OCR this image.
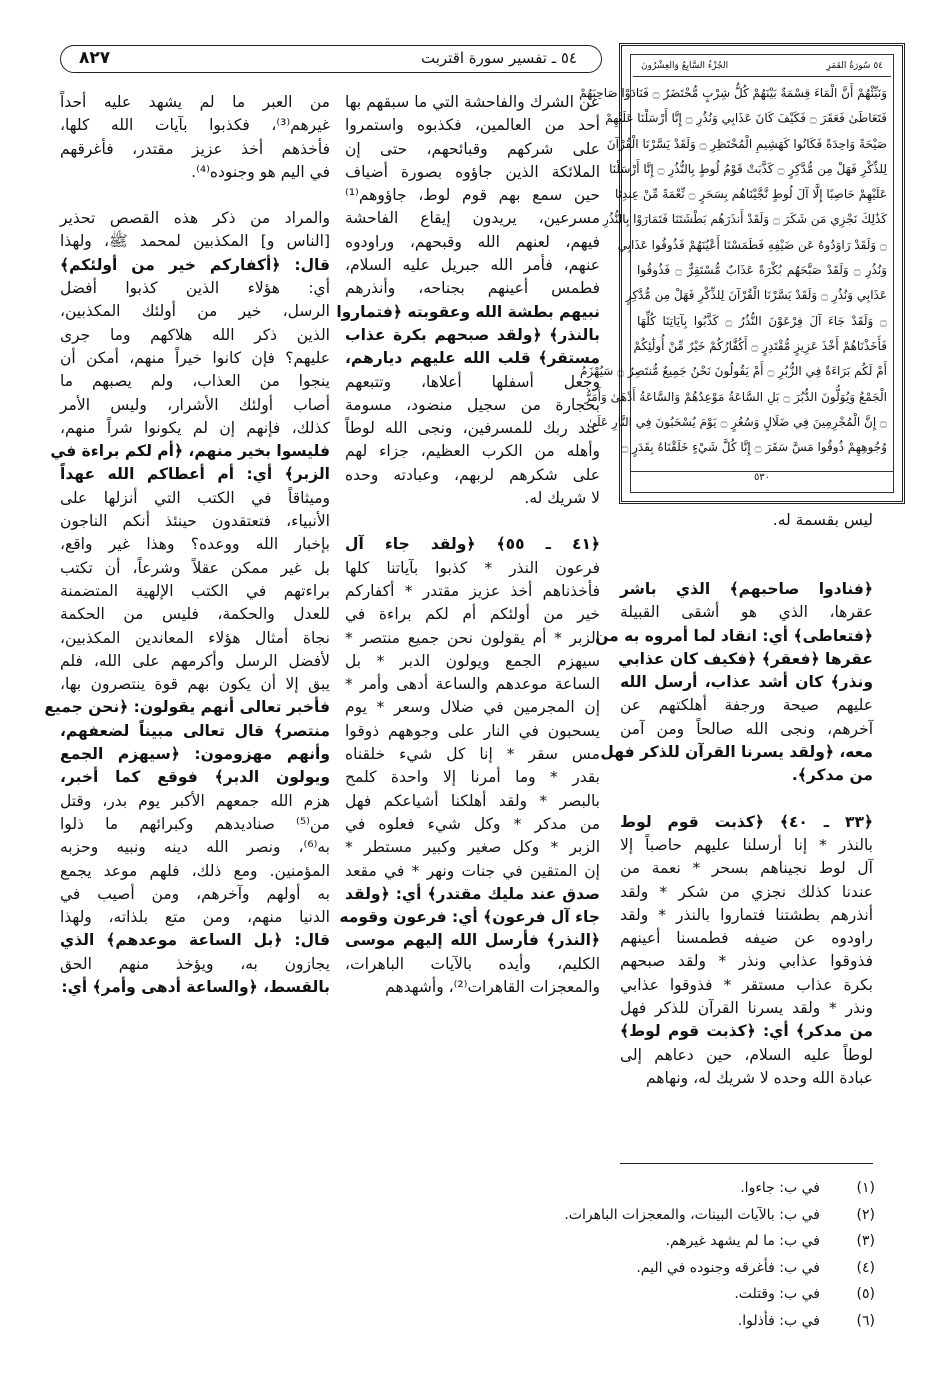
٨٢٧	٥٤ ـ تفسير سورة اقتربت	٥٤ سُورَةُ القَمَرِ
الجُزْءُ السَّابِعُ وَالعِشْرُونَ
وَنَبِّئْهُمْ أَنَّ الْمَاءَ قِسْمَةٌ بَيْنَهُمْ كُلُّ شِرْبٍ مُّحْتَضَرٌ ۝ فَنَادَوْا صَاحِبَهُمْ
فَتَعَاطَىٰ فَعَقَرَ ۝ فَكَيْفَ كَانَ عَذَابِي وَنُذُرِ ۝ إِنَّا أَرْسَلْنَا عَلَيْهِمْ
صَيْحَةً وَاحِدَةً فَكَانُوا كَهَشِيمِ الْمُحْتَظِرِ ۝ وَلَقَدْ يَسَّرْنَا الْقُرْآنَ
لِلذِّكْرِ فَهَلْ مِن مُّدَّكِرٍ ۝ كَذَّبَتْ قَوْمُ لُوطٍ بِالنُّذُرِ ۝ إِنَّا أَرْسَلْنَا
عَلَيْهِمْ حَاصِبًا إِلَّا آلَ لُوطٍ نَّجَّيْنَاهُم بِسَحَرٍ ۝ نِّعْمَةً مِّنْ عِندِنَا
كَذَٰلِكَ نَجْزِي مَن شَكَرَ ۝ وَلَقَدْ أَنذَرَهُم بَطْشَتَنَا فَتَمَارَوْا بِالنُّذُرِ
۝ وَلَقَدْ رَاوَدُوهُ عَن ضَيْفِهِ فَطَمَسْنَا أَعْيُنَهُمْ فَذُوقُوا عَذَابِي
وَنُذُرِ ۝ وَلَقَدْ صَبَّحَهُم بُكْرَةً عَذَابٌ مُّسْتَقِرٌّ ۝ فَذُوقُوا
عَذَابِي وَنُذُرِ ۝ وَلَقَدْ يَسَّرْنَا الْقُرْآنَ لِلذِّكْرِ فَهَلْ مِن مُّدَّكِرٍ
۝ وَلَقَدْ جَاءَ آلَ فِرْعَوْنَ النُّذُرُ ۝ كَذَّبُوا بِآيَاتِنَا كُلِّهَا
فَأَخَذْنَاهُمْ أَخْذَ عَزِيزٍ مُّقْتَدِرٍ ۝ أَكُفَّارُكُمْ خَيْرٌ مِّنْ أُولَٰئِكُمْ
أَمْ لَكُم بَرَاءَةٌ فِي الزُّبُرِ ۝ أَمْ يَقُولُونَ نَحْنُ جَمِيعٌ مُّنتَصِرٌ ۝ سَيُهْزَمُ
الْجَمْعُ وَيُوَلُّونَ الدُّبُرَ ۝ بَلِ السَّاعَةُ مَوْعِدُهُمْ وَالسَّاعَةُ أَدْهَىٰ وَأَمَرُّ
۝ إِنَّ الْمُجْرِمِينَ فِي ضَلَالٍ وَسُعُرٍ ۝ يَوْمَ يُسْحَبُونَ فِي النَّارِ عَلَىٰ
وُجُوهِهِمْ ذُوقُوا مَسَّ سَقَرَ ۝ إِنَّا كُلَّ شَيْءٍ خَلَقْنَاهُ بِقَدَرٍ ۝
٥٣٠
ليس بقسمة له.
﴿فنادوا صاحبهم﴾ الذي باشر
عقرها، الذي هو أشقى القبيلة
﴿فتعاطى﴾ أي: انقاد لما أمروه به من
عقرها ﴿فعقر﴾ ﴿فكيف كان عذابي
ونذر﴾ كان أشد عذاب، أرسل الله
عليهم صيحة ورجفة أهلكتهم عن
آخرهم، ونجى الله صالحاً ومن آمن
معه، ﴿ولقد يسرنا القرآن للذكر فهل
من مدكر﴾.
﴿٣٣ ـ ٤٠﴾ ﴿كذبت قوم لوط
بالنذر * إنا أرسلنا عليهم حاصباً إلا
آل لوط نجيناهم بسحر * نعمة من
عندنا كذلك نجزي من شكر * ولقد
أنذرهم بطشتنا فتماروا بالنذر * ولقد
راودوه عن ضيفه فطمسنا أعينهم
فذوقوا عذابي ونذر * ولقد صبحهم
بكرة عذاب مستقر * فذوقوا عذابي
ونذر * ولقد يسرنا القرآن للذكر فهل
من مدكر﴾ أي: ﴿كذبت قوم لوط﴾
لوطاً عليه السلام، حين دعاهم إلى
عبادة الله وحده لا شريك له، ونهاهم
عن الشرك والفاحشة التي ما سبقهم بها
أحد من العالمين، فكذبوه واستمروا
على شركهم وقبائحهم، حتى إن
الملائكة الذين جاؤوه بصورة أضياف
حين سمع بهم قوم لوط، جاؤوهم⁽¹⁾
مسرعين، يريدون إيقاع الفاحشة
فيهم، لعنهم الله وقبحهم، وراودوه
عنهم، فأمر الله جبريل عليه السلام،
فطمس أعينهم بجناحه، وأنذرهم
نبيهم بطشة الله وعقوبته ﴿فتماروا
بالنذر﴾ ﴿ولقد صبحهم بكرة عذاب
مستقر﴾ قلب الله عليهم ديارهم،
وجعل أسفلها أعلاها، وتتبعهم
بحجارة من سجيل منضود، مسومة
عند ربك للمسرفين، ونجى الله لوطاً
وأهله من الكرب العظيم، جزاء لهم
على شكرهم لربهم، وعبادته وحده
لا شريك له.
﴿٤١ ـ ٥٥﴾ ﴿ولقد جاء آل
فرعون النذر * كذبوا بآياتنا كلها
فأخذناهم أخذ عزيز مقتدر * أكفاركم
خير من أولئكم أم لكم براءة في
الزبر * أم يقولون نحن جميع منتصر *
سيهزم الجمع ويولون الدبر * بل
الساعة موعدهم والساعة أدهى وأمر *
إن المجرمين في ضلال وسعر * يوم
يسحبون في النار على وجوههم ذوقوا
مس سقر * إنا كل شيء خلقناه
بقدر * وما أمرنا إلا واحدة كلمح
بالبصر * ولقد أهلكنا أشياعكم فهل
من مدكر * وكل شيء فعلوه في
الزبر * وكل صغير وكبير مستطر *
إن المتقين في جنات ونهر * في مقعد
صدق عند مليك مقتدر﴾ أي: ﴿ولقد
جاء آل فرعون﴾ أي: فرعون وقومه
﴿النذر﴾ فأرسل الله إليهم موسى
الكليم، وأيده بالآيات الباهرات،
والمعجزات القاهرات⁽²⁾، وأشهدهم
من العبر ما لم يشهد عليه أحداً
غيرهم⁽³⁾، فكذبوا بآيات الله كلها،
فأخذهم أخذ عزيز مقتدر، فأغرقهم
في اليم هو وجنوده⁽⁴⁾.
والمراد من ذكر هذه القصص تحذير
[الناس و] المكذبين لمحمد ﷺ، ولهذا
قال: ﴿أكفاركم خير من أولئكم﴾
أي: هؤلاء الذين كذبوا أفضل
الرسل، خير من أولئك المكذبين،
الذين ذكر الله هلاكهم وما جرى
عليهم؟ فإن كانوا خيراً منهم، أمكن أن
ينجوا من العذاب، ولم يصبهم ما
أصاب أولئك الأشرار، وليس الأمر
كذلك، فإنهم إن لم يكونوا شراً منهم،
فليسوا بخير منهم، ﴿أم لكم براءة في
الزبر﴾ أي: أم أعطاكم الله عهداً
وميثاقاً في الكتب التي أنزلها على
الأنبياء، فتعتقدون حينئذ أنكم الناجون
بإخبار الله ووعده؟ وهذا غير واقع،
بل غير ممكن عقلاً وشرعاً، أن تكتب
براءتهم في الكتب الإلهية المتضمنة
للعدل والحكمة، فليس من الحكمة
نجاة أمثال هؤلاء المعاندين المكذبين،
لأفضل الرسل وأكرمهم على الله، فلم
يبق إلا أن يكون بهم قوة ينتصرون بها،
فأخبر تعالى أنهم يقولون: ﴿نحن جميع
منتصر﴾ قال تعالى مبيناً لضعفهم،
وأنهم مهزومون: ﴿سيهزم الجمع
ويولون الدبر﴾ فوقع كما أخبر،
هزم الله جمعهم الأكبر يوم بدر، وقتل
من⁽⁵⁾ صناديدهم وكبرائهم ما ذلوا
به⁽⁶⁾، ونصر الله دينه ونبيه وحزبه
المؤمنين. ومع ذلك، فلهم موعد يجمع
به أولهم وآخرهم، ومن أصيب في
الدنيا منهم، ومن متع بلذاته، ولهذا
قال: ﴿بل الساعة موعدهم﴾ الذي
يجازون به، ويؤخذ منهم الحق
بالقسط، ﴿والساعة أدهى وأمر﴾ أي:
(١)
في ب: جاءوا.
(٢)
في ب: بالآيات البينات، والمعجزات الباهرات.
(٣)
في ب: ما لم يشهد غيرهم.
(٤)
في ب: فأغرقه وجنوده في اليم.
(٥)
في ب: وقتلت.
(٦)
في ب: فأذلوا.
